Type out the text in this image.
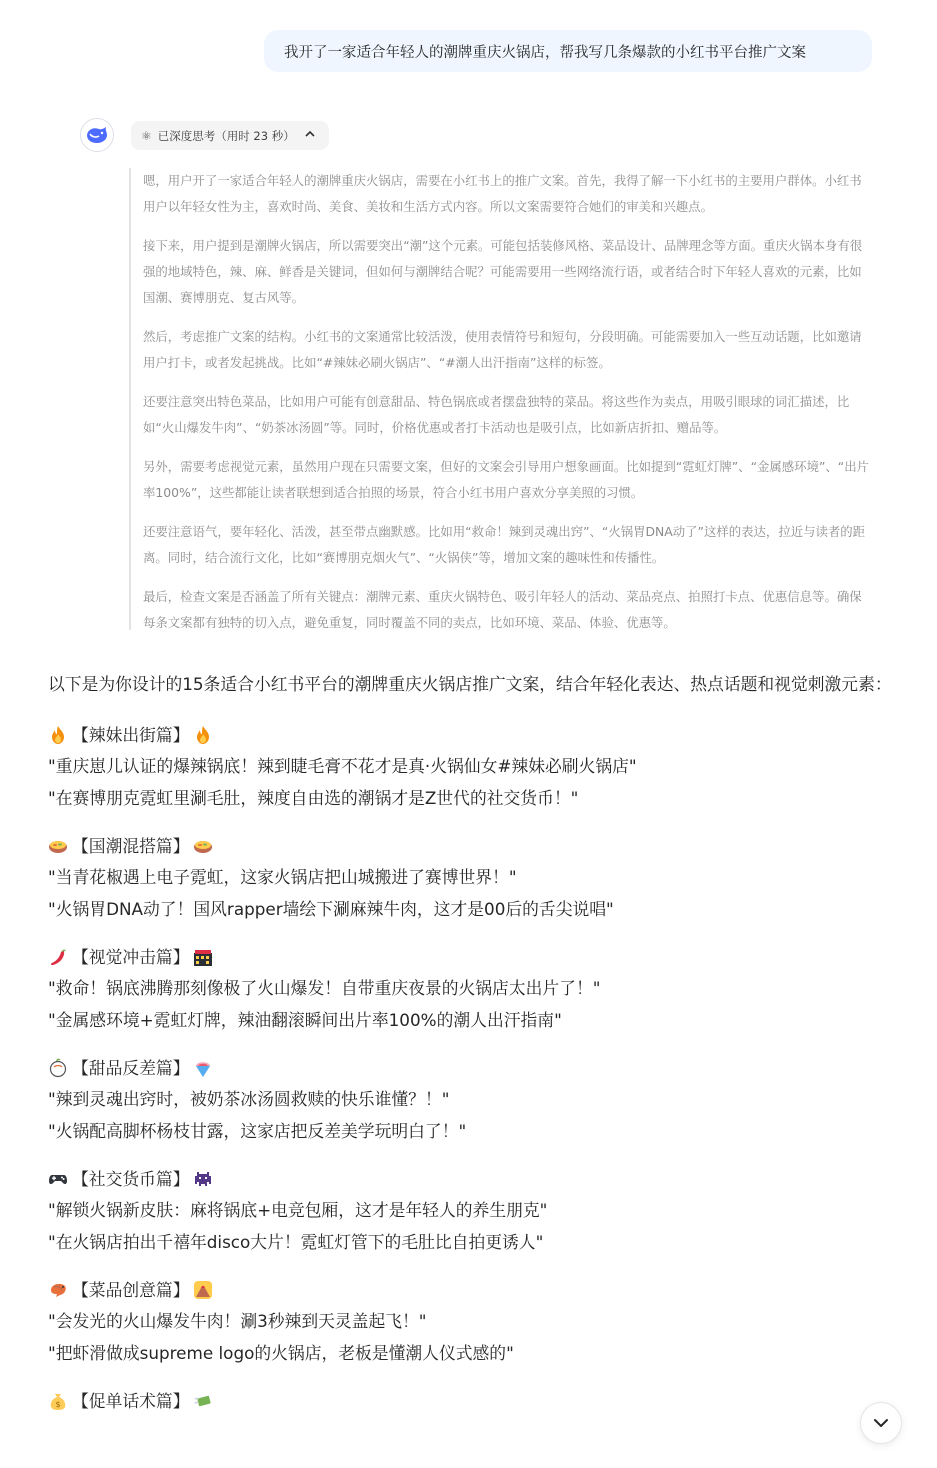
我开了一家适合年轻人的潮牌重庆火锅店，帮我写几条爆款的小红书平台推广文案
⚛ 已深度思考（用时 23 秒）

嗯，用户开了一家适合年轻人的潮牌重庆火锅店，需要在小红书上的推广文案。首先，我得了解一下小红书的主要用户群体。小红书用户以年轻女性为主，喜欢时尚、美食、美妆和生活方式内容。所以文案需要符合她们的审美和兴趣点。

接下来，用户提到是潮牌火锅店，所以需要突出“潮”这个元素。可能包括装修风格、菜品设计、品牌理念等方面。重庆火锅本身有很强的地域特色，辣、麻、鲜香是关键词，但如何与潮牌结合呢？可能需要用一些网络流行语，或者结合时下年轻人喜欢的元素，比如国潮、赛博朋克、复古风等。

然后，考虑推广文案的结构。小红书的文案通常比较活泼，使用表情符号和短句，分段明确。可能需要加入一些互动话题，比如邀请用户打卡，或者发起挑战。比如“#辣妹必刷火锅店”、“#潮人出汗指南”这样的标签。

还要注意突出特色菜品，比如用户可能有创意甜品、特色锅底或者摆盘独特的菜品。将这些作为卖点，用吸引眼球的词汇描述，比如“火山爆发牛肉”、“奶茶冰汤圆”等。同时，价格优惠或者打卡活动也是吸引点，比如新店折扣、赠品等。

另外，需要考虑视觉元素，虽然用户现在只需要文案，但好的文案会引导用户想象画面。比如提到“霓虹灯牌”、“金属感环境”、“出片率100%”，这些都能让读者联想到适合拍照的场景，符合小红书用户喜欢分享美照的习惯。

还要注意语气，要年轻化、活泼，甚至带点幽默感。比如用“救命！辣到灵魂出窍”、“火锅胃DNA动了”这样的表达，拉近与读者的距离。同时，结合流行文化，比如“赛博朋克烟火气”、“火锅侠”等，增加文案的趣味性和传播性。

最后，检查文案是否涵盖了所有关键点：潮牌元素、重庆火锅特色、吸引年轻人的活动、菜品亮点、拍照打卡点、优惠信息等。确保每条文案都有独特的切入点，避免重复，同时覆盖不同的卖点，比如环境、菜品、体验、优惠等。

以下是为你设计的15条适合小红书平台的潮牌重庆火锅店推广文案，结合年轻化表达、热点话题和视觉刺激元素：

【辣妹出街篇】
"重庆崽儿认证的爆辣锅底！辣到睫毛膏不花才是真·火锅仙女#辣妹必刷火锅店"
"在赛博朋克霓虹里涮毛肚，辣度自由选的潮锅才是Z世代的社交货币！"
【国潮混搭篇】
"当青花椒遇上电子霓虹，这家火锅店把山城搬进了赛博世界！"
"火锅胃DNA动了！国风rapper墙绘下涮麻辣牛肉，这才是00后的舌尖说唱"
【视觉冲击篇】
"救命！锅底沸腾那刻像极了火山爆发！自带重庆夜景的火锅店太出片了！"
"金属感环境+霓虹灯牌，辣油翻滚瞬间出片率100%的潮人出汗指南"
【甜品反差篇】
"辣到灵魂出窍时，被奶茶冰汤圆救赎的快乐谁懂？！"
"火锅配高脚杯杨枝甘露，这家店把反差美学玩明白了！"
【社交货币篇】
"解锁火锅新皮肤：麻将锅底+电竞包厢，这才是年轻人的养生朋克"
"在火锅店拍出千禧年disco大片！霓虹灯管下的毛肚比自拍更诱人"
【菜品创意篇】
"会发光的火山爆发牛肉！涮3秒辣到天灵盖起飞！"
"把虾滑做成supreme logo的火锅店，老板是懂潮人仪式感的"
$ 【促单话术篇】
